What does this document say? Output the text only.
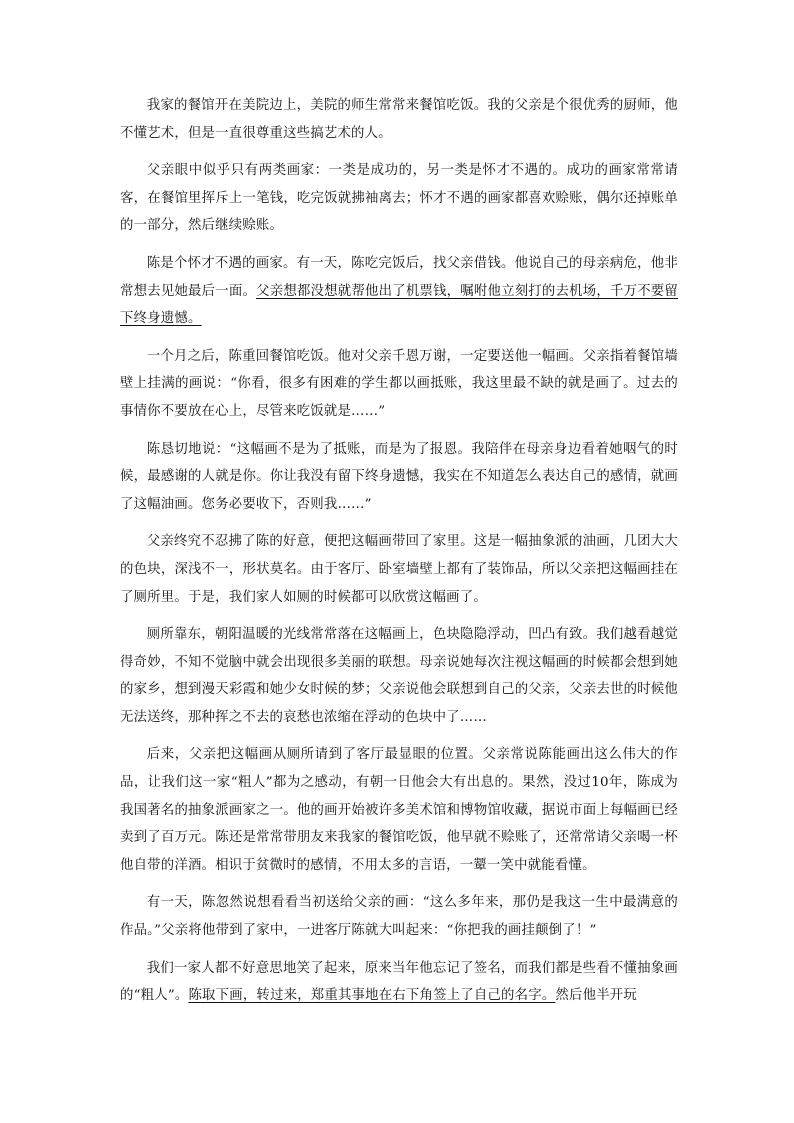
我家的餐馆开在美院边上，美院的师生常常来餐馆吃饭。我的父亲是个很优秀的厨师，他不懂艺术，但是一直很尊重这些搞艺术的人。

父亲眼中似乎只有两类画家：一类是成功的，另一类是怀才不遇的。成功的画家常常请客，在餐馆里挥斥上一笔钱，吃完饭就拂袖离去；怀才不遇的画家都喜欢赊账，偶尔还掉账单的一部分，然后继续赊账。

陈是个怀才不遇的画家。有一天，陈吃完饭后，找父亲借钱。他说自己的母亲病危，他非常想去见她最后一面。父亲想都没想就帮他出了机票钱，嘱咐他立刻打的去机场，千万不要留下终身遗憾。

一个月之后，陈重回餐馆吃饭。他对父亲千恩万谢，一定要送他一幅画。父亲指着餐馆墙壁上挂满的画说：“你看，很多有困难的学生都以画抵账，我这里最不缺的就是画了。过去的事情你不要放在心上，尽管来吃饭就是……”

陈恳切地说：“这幅画不是为了抵账，而是为了报恩。我陪伴在母亲身边看着她咽气的时候，最感谢的人就是你。你让我没有留下终身遗憾，我实在不知道怎么表达自己的感情，就画了这幅油画。您务必要收下，否则我……”

父亲终究不忍拂了陈的好意，便把这幅画带回了家里。这是一幅抽象派的油画，几团大大的色块，深浅不一，形状莫名。由于客厅、卧室墙壁上都有了装饰品，所以父亲把这幅画挂在了厕所里。于是，我们家人如厕的时候都可以欣赏这幅画了。

厕所靠东，朝阳温暖的光线常常落在这幅画上，色块隐隐浮动，凹凸有致。我们越看越觉得奇妙，不知不觉脑中就会出现很多美丽的联想。母亲说她每次注视这幅画的时候都会想到她的家乡，想到漫天彩霞和她少女时候的梦；父亲说他会联想到自己的父亲，父亲去世的时候他无法送终，那种挥之不去的哀愁也浓缩在浮动的色块中了……

后来，父亲把这幅画从厕所请到了客厅最显眼的位置。父亲常说陈能画出这么伟大的作品，让我们这一家“粗人”都为之感动，有朝一日他会大有出息的。果然，没过10年，陈成为我国著名的抽象派画家之一。他的画开始被许多美术馆和博物馆收藏，据说市面上每幅画已经卖到了百万元。陈还是常常带朋友来我家的餐馆吃饭，他早就不赊账了，还常常请父亲喝一杯他自带的洋酒。相识于贫微时的感情，不用太多的言语，一颦一笑中就能看懂。

有一天，陈忽然说想看看当初送给父亲的画：“这么多年来，那仍是我这一生中最满意的作品。”父亲将他带到了家中，一进客厅陈就大叫起来：“你把我的画挂颠倒了！”

我们一家人都不好意思地笑了起来，原来当年他忘记了签名，而我们都是些看不懂抽象画的“粗人”。陈取下画，转过来，郑重其事地在右下角签上了自己的名字。然后他半开玩
